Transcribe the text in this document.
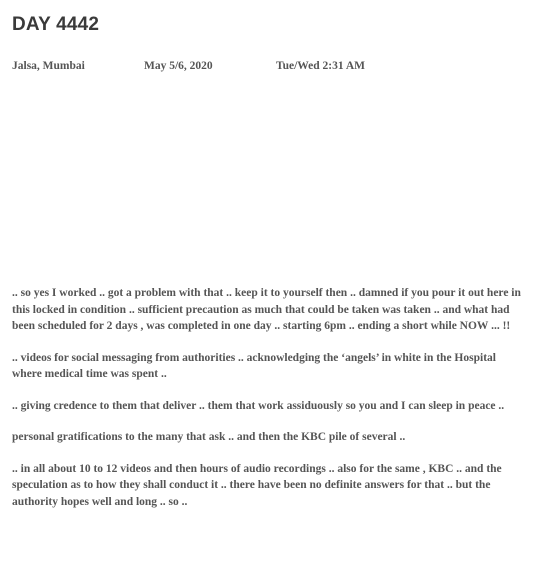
DAY 4442
Jalsa, Mumbai	May 5/6, 2020	Tue/Wed 2:31 AM

.. so yes I worked .. got a problem with that .. keep it to yourself then .. damned if you pour it out here in this locked in condition .. sufficient precaution as much that could be taken was taken .. and what had been scheduled for 2 days , was completed in one day .. starting 6pm .. ending a short while NOW ... !!

.. videos for social messaging from authorities .. acknowledging the ‘angels’ in white in the Hospital where medical time was spent ..

.. giving credence to them that deliver .. them that work assiduously so you and I can sleep in peace ..

personal gratifications to the many that ask .. and then the KBC pile of several ..

.. in all about 10 to 12 videos and then hours of audio recordings .. also for the same , KBC .. and the speculation as to how they shall conduct it .. there have been no definite answers for that .. but the authority hopes well and long .. so ..
